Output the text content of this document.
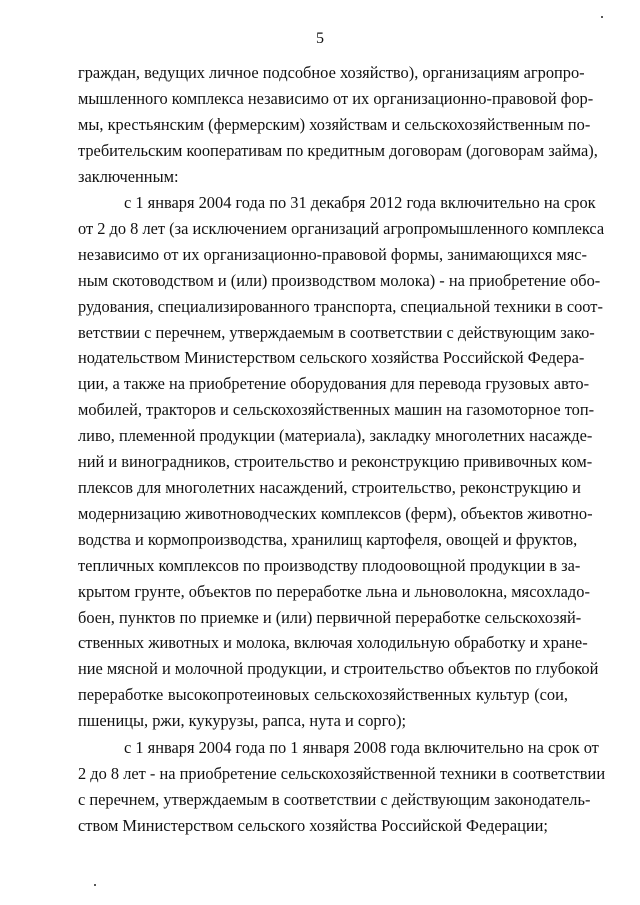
5
граждан, ведущих личное подсобное хозяйство), организациям агропро-
мышленного комплекса независимо от их организационно-правовой фор-
мы, крестьянским (фермерским) хозяйствам и сельскохозяйственным по-
требительским кооперативам по кредитным договорам (договорам займа),
заключенным:
с 1 января 2004 года по 31 декабря 2012 года включительно на срок
от 2 до 8 лет (за исключением организаций агропромышленного комплекса
независимо от их организационно-правовой формы, занимающихся мяс-
ным скотоводством и (или) производством молока) - на приобретение обо-
рудования, специализированного транспорта, специальной техники в соот-
ветствии с перечнем, утверждаемым в соответствии с действующим зако-
нодательством Министерством сельского хозяйства Российской Федера-
ции, а также на приобретение оборудования для перевода грузовых авто-
мобилей, тракторов и сельскохозяйственных машин на газомоторное топ-
ливо, племенной продукции (материала), закладку многолетних насажде-
ний и виноградников, строительство и реконструкцию прививочных ком-
плексов для многолетних насаждений, строительство, реконструкцию и
модернизацию животноводческих комплексов (ферм), объектов животно-
водства и кормопроизводства, хранилищ картофеля, овощей и фруктов,
тепличных комплексов по производству плодоовощной продукции в за-
крытом грунте, объектов по переработке льна и льноволокна, мясохладо-
боен, пунктов по приемке и (или) первичной переработке сельскохозяй-
ственных животных и молока, включая холодильную обработку и хране-
ние мясной и молочной продукции, и строительство объектов по глубокой
переработке высокопротеиновых сельскохозяйственных культур (сои,
пшеницы, ржи, кукурузы, рапса, нута и сорго);
с 1 января 2004 года по 1 января 2008 года включительно на срок от
2 до 8 лет - на приобретение сельскохозяйственной техники в соответствии
с перечнем, утверждаемым в соответствии с действующим законодатель-
ством Министерством сельского хозяйства Российской Федерации;
